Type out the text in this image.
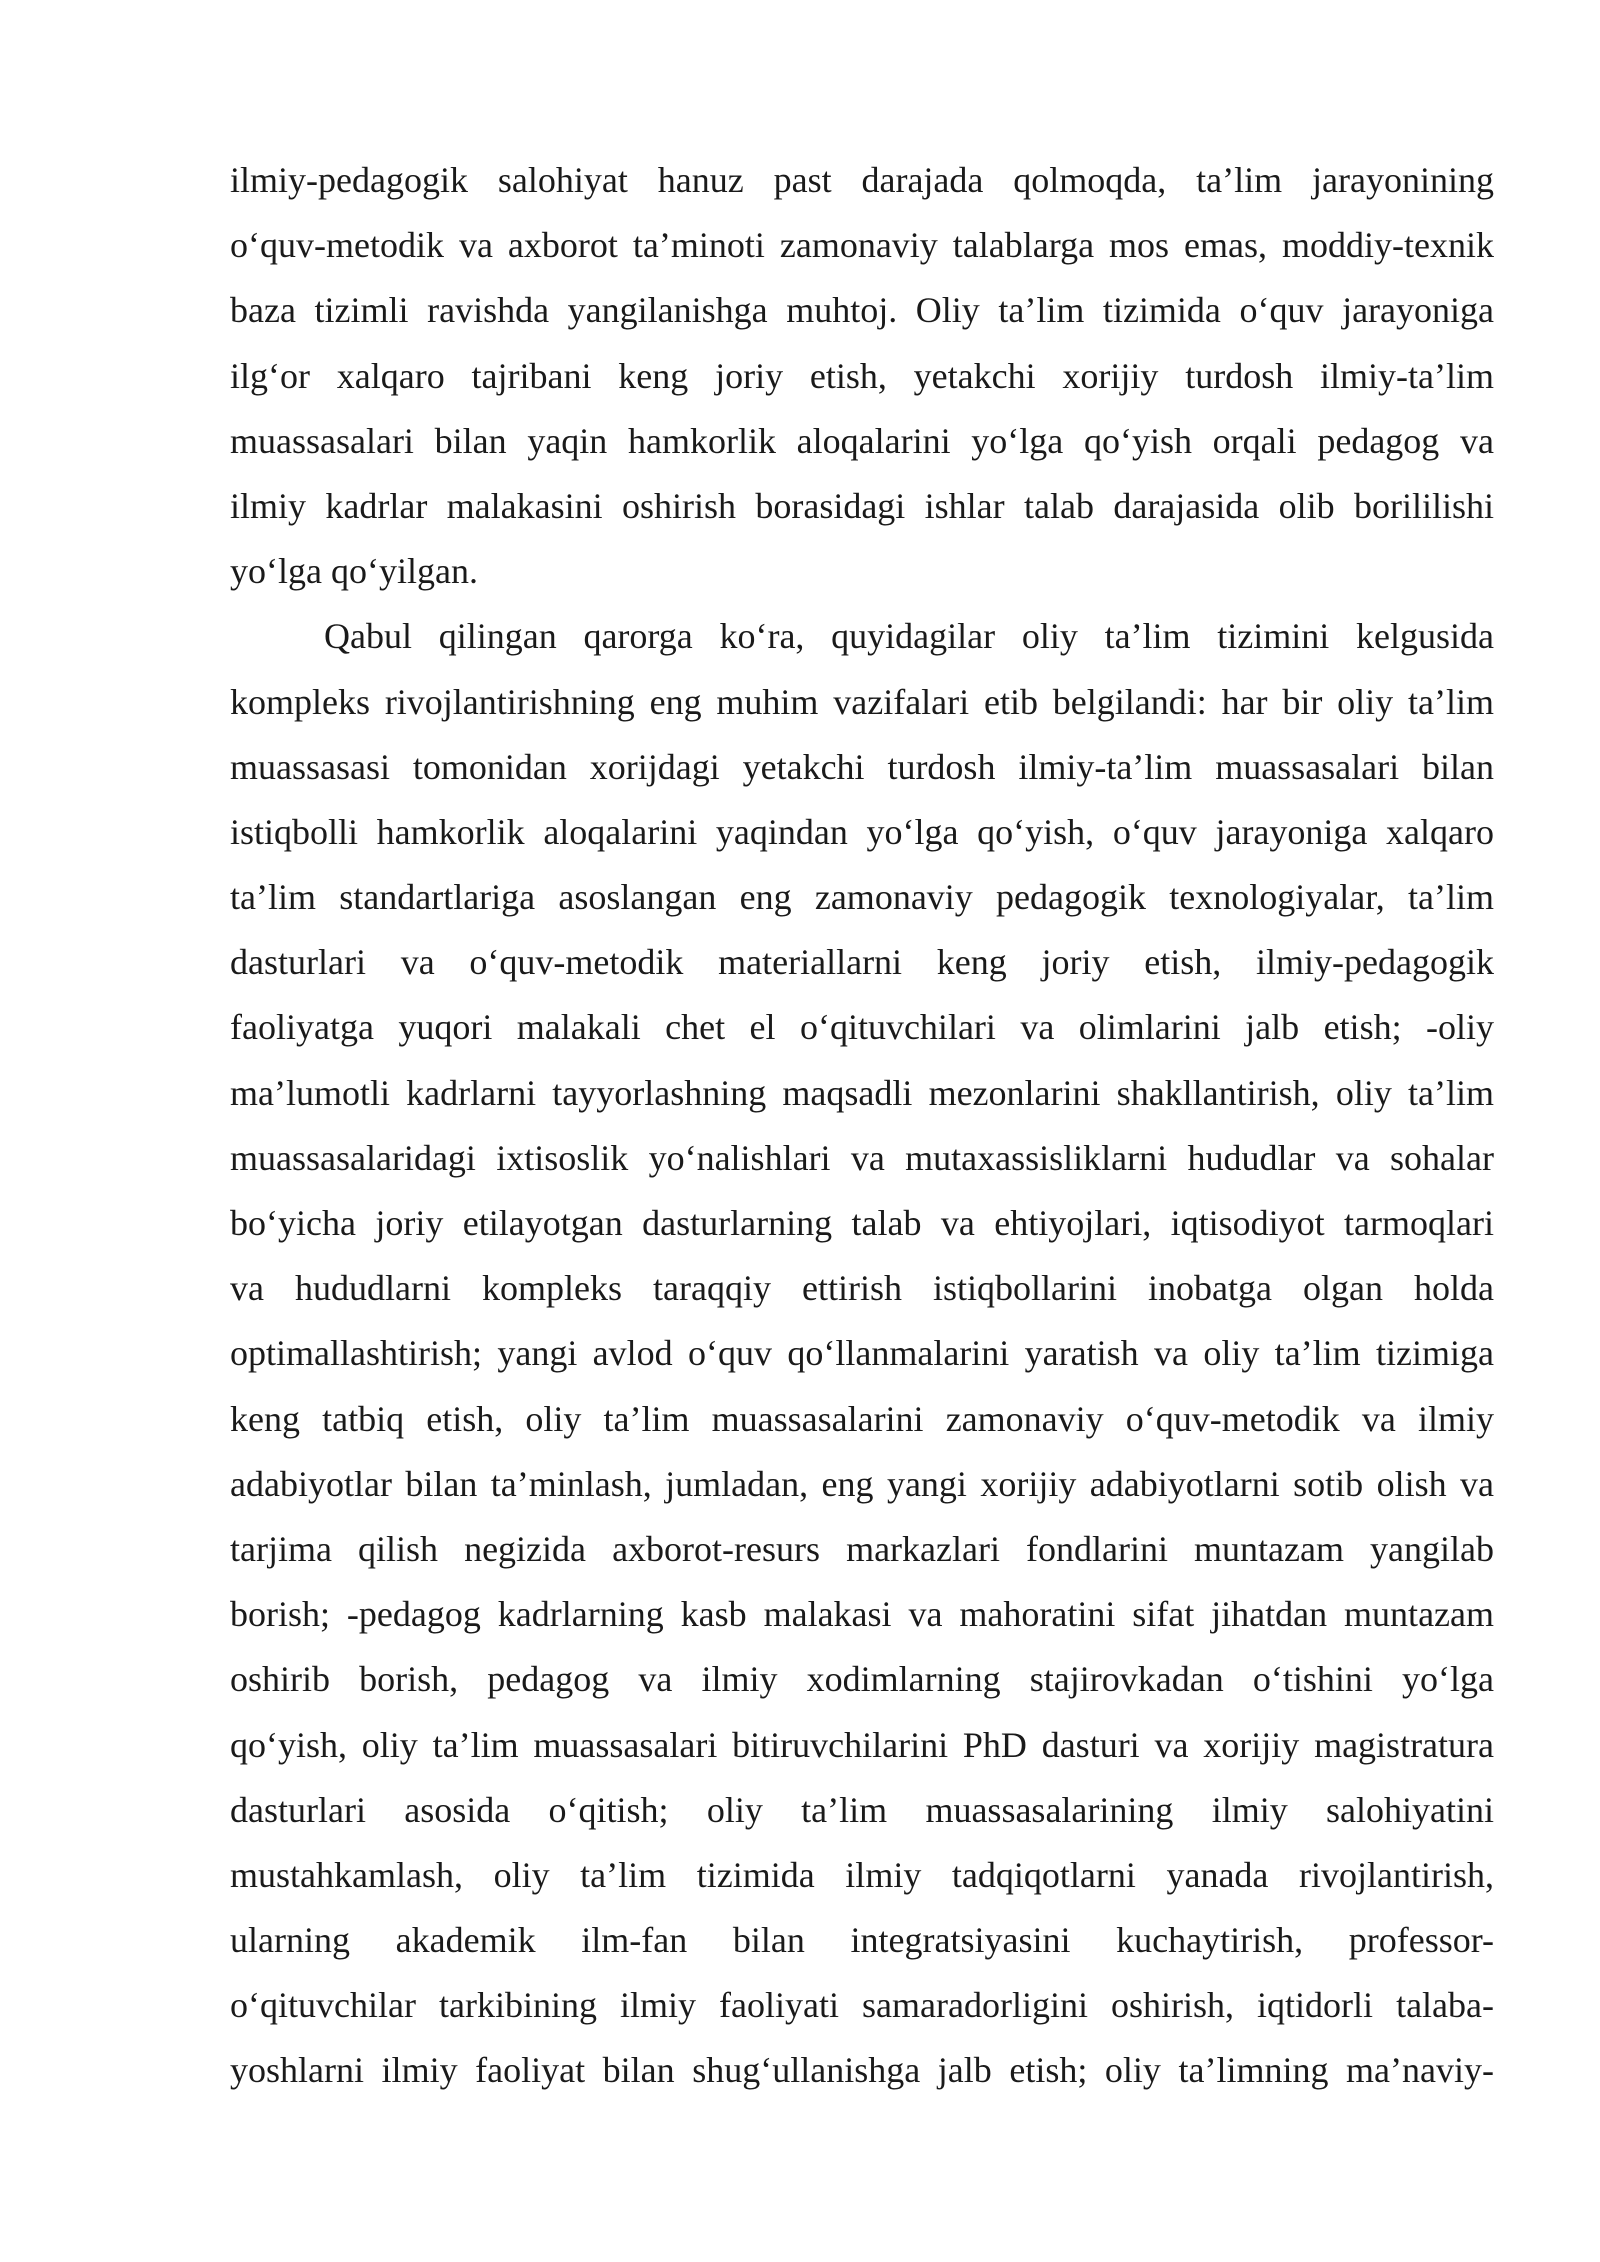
ilmiy-pedagogik salohiyat hanuz past darajada qolmoqda, ta’lim jarayonining
o‘quv-metodik va axborot ta’minoti zamonaviy talablarga mos emas, moddiy-texnik
baza tizimli ravishda yangilanishga muhtoj. Oliy ta’lim tizimida o‘quv jarayoniga
ilg‘or xalqaro tajribani keng joriy etish, yetakchi xorijiy turdosh ilmiy-ta’lim
muassasalari bilan yaqin hamkorlik aloqalarini yo‘lga qo‘yish orqali pedagog va
ilmiy kadrlar malakasini oshirish borasidagi ishlar talab darajasida olib borililishi
yo‘lga qo‘yilgan.
Qabul qilingan qarorga ko‘ra, quyidagilar oliy ta’lim tizimini kelgusida
kompleks rivojlantirishning eng muhim vazifalari etib belgilandi: har bir oliy ta’lim
muassasasi tomonidan xorijdagi yetakchi turdosh ilmiy-ta’lim muassasalari bilan
istiqbolli hamkorlik aloqalarini yaqindan yo‘lga qo‘yish, o‘quv jarayoniga xalqaro
ta’lim standartlariga asoslangan eng zamonaviy pedagogik texnologiyalar, ta’lim
dasturlari va o‘quv-metodik materiallarni keng joriy etish, ilmiy-pedagogik
faoliyatga yuqori malakali chet el o‘qituvchilari va olimlarini jalb etish; -oliy
ma’lumotli kadrlarni tayyorlashning maqsadli mezonlarini shakllantirish, oliy ta’lim
muassasalaridagi ixtisoslik yo‘nalishlari va mutaxassisliklarni hududlar va sohalar
bo‘yicha joriy etilayotgan dasturlarning talab va ehtiyojlari, iqtisodiyot tarmoqlari
va hududlarni kompleks taraqqiy ettirish istiqbollarini inobatga olgan holda
optimallashtirish; yangi avlod o‘quv qo‘llanmalarini yaratish va oliy ta’lim tizimiga
keng tatbiq etish, oliy ta’lim muassasalarini zamonaviy o‘quv-metodik va ilmiy
adabiyotlar bilan ta’minlash, jumladan, eng yangi xorijiy adabiyotlarni sotib olish va
tarjima qilish negizida axborot-resurs markazlari fondlarini muntazam yangilab
borish; -pedagog kadrlarning kasb malakasi va mahoratini sifat jihatdan muntazam
oshirib borish, pedagog va ilmiy xodimlarning stajirovkadan o‘tishini yo‘lga
qo‘yish, oliy ta’lim muassasalari bitiruvchilarini PhD dasturi va xorijiy magistratura
dasturlari asosida o‘qitish; oliy ta’lim muassasalarining ilmiy salohiyatini
mustahkamlash, oliy ta’lim tizimida ilmiy tadqiqotlarni yanada rivojlantirish,
ularning akademik ilm-fan bilan integratsiyasini kuchaytirish, professor-
o‘qituvchilar tarkibining ilmiy faoliyati samaradorligini oshirish, iqtidorli talaba-
yoshlarni ilmiy faoliyat bilan shug‘ullanishga jalb etish; oliy ta’limning ma’naviy-
